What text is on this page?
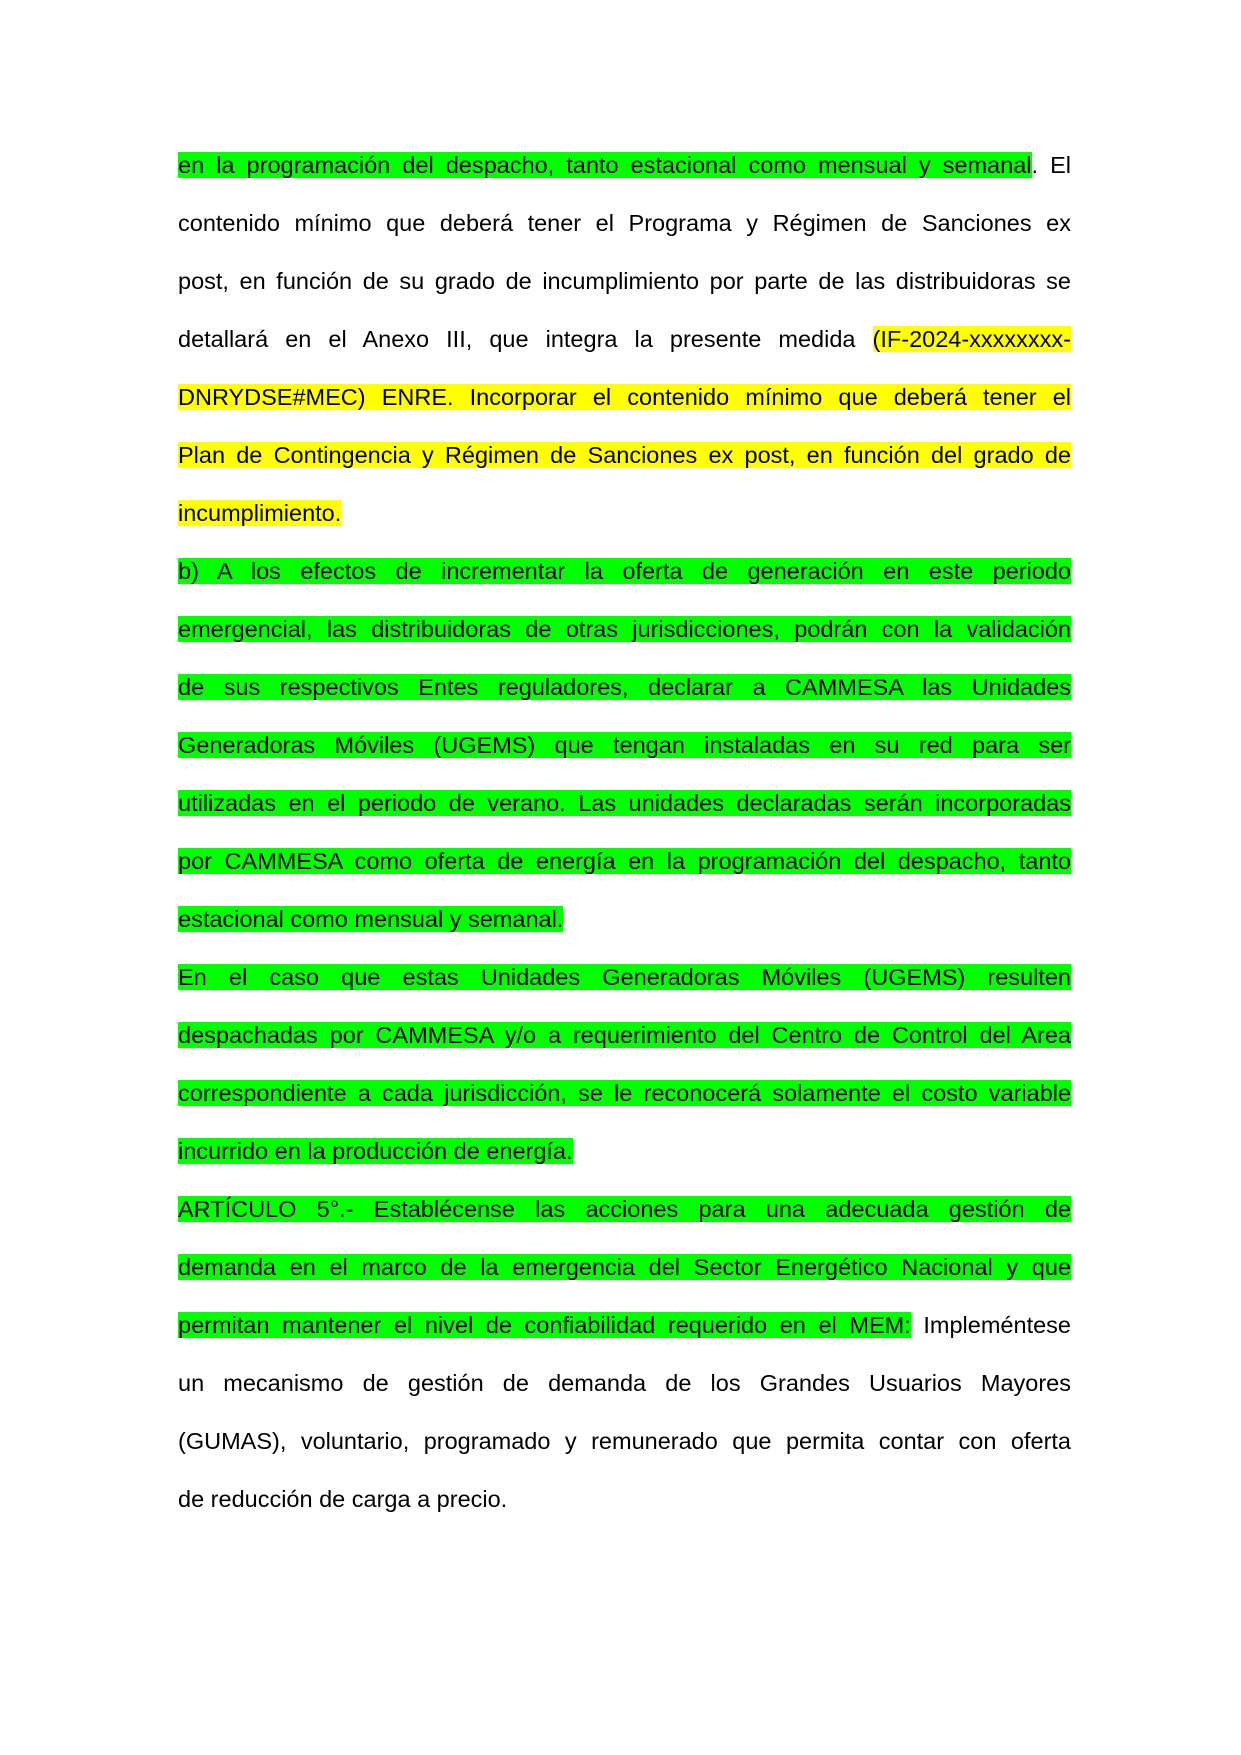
en la programación del despacho, tanto estacional como mensual y semanal. El
contenido mínimo que deberá tener el Programa y Régimen de Sanciones ex
post, en función de su grado de incumplimiento por parte de las distribuidoras se
detallará en el Anexo III, que integra la presente medida (IF-2024-xxxxxxxx-
DNRYDSE#MEC) ENRE. Incorporar el contenido mínimo que deberá tener el
Plan de Contingencia y Régimen de Sanciones ex post, en función del grado de
incumplimiento.
b) A los efectos de incrementar la oferta de generación en este periodo
emergencial, las distribuidoras de otras jurisdicciones, podrán con la validación
de sus respectivos Entes reguladores, declarar a CAMMESA las Unidades
Generadoras Móviles (UGEMS) que tengan instaladas en su red para ser
utilizadas en el periodo de verano. Las unidades declaradas serán incorporadas
por CAMMESA como oferta de energía en la programación del despacho, tanto
estacional como mensual y semanal.
En el caso que estas Unidades Generadoras Móviles (UGEMS) resulten
despachadas por CAMMESA y/o a requerimiento del Centro de Control del Area
correspondiente a cada jurisdicción, se le reconocerá solamente el costo variable
incurrido en la producción de energía.
ARTÍCULO 5°.- Establécense las acciones para una adecuada gestión de
demanda en el marco de la emergencia del Sector Energético Nacional y que
permitan mantener el nivel de confiabilidad requerido en el MEM: Impleméntese
un mecanismo de gestión de demanda de los Grandes Usuarios Mayores
(GUMAS), voluntario, programado y remunerado que permita contar con oferta
de reducción de carga a precio.
